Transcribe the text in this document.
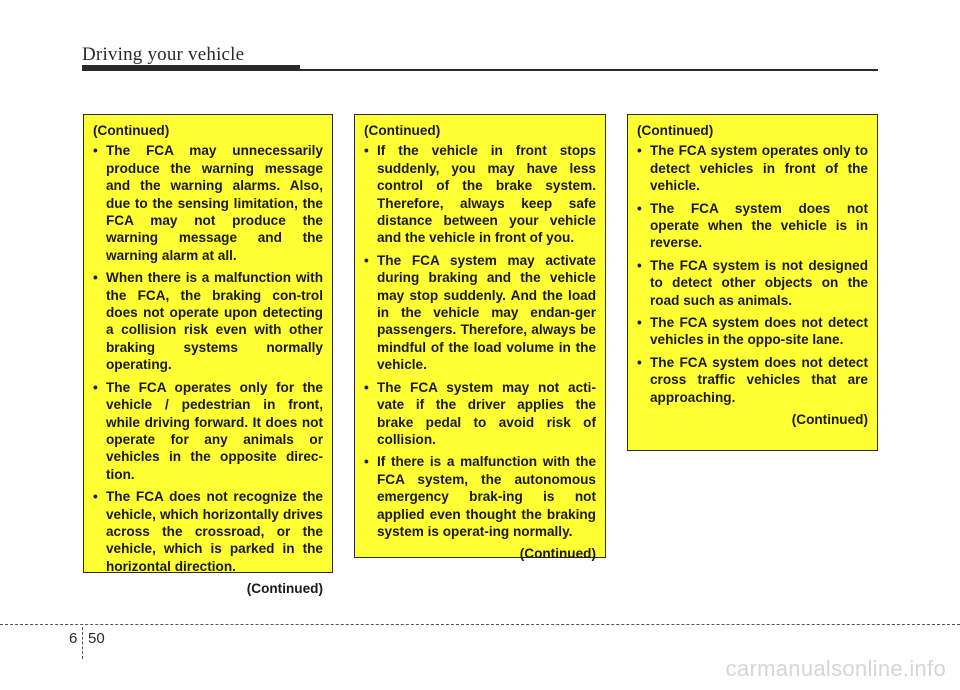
Driving your vehicle
(Continued)
• The FCA may unnecessarily produce the warning message and the warning alarms. Also, due to the sensing limitation, the FCA may not produce the warning message and the warning alarm at all.
• When there is a malfunction with the FCA, the braking con-trol does not operate upon detecting a collision risk even with other braking systems normally operating.
• The FCA operates only for the vehicle / pedestrian in front, while driving forward. It does not operate for any animals or vehicles in the opposite direc-tion.
• The FCA does not recognize the vehicle, which horizontally drives across the crossroad, or the vehicle, which is parked in the horizontal direction.
(Continued)
(Continued)
• If the vehicle in front stops suddenly, you may have less control of the brake system. Therefore, always keep safe distance between your vehicle and the vehicle in front of you.
• The FCA system may activate during braking and the vehicle may stop suddenly. And the load in the vehicle may endan-ger passengers. Therefore, always be mindful of the load volume in the vehicle.
• The FCA system may not acti-vate if the driver applies the brake pedal to avoid risk of collision.
• If there is a malfunction with the FCA system, the autonomous emergency brak-ing is not applied even thought the braking system is operat-ing normally.
(Continued)
(Continued)
• The FCA system operates only to detect vehicles in front of the vehicle.
• The FCA system does not operate when the vehicle is in reverse.
• The FCA system is not designed to detect other objects on the road such as animals.
• The FCA system does not detect vehicles in the oppo-site lane.
• The FCA system does not detect cross traffic vehicles that are approaching.
(Continued)
6 50
carmanualsonline.info
